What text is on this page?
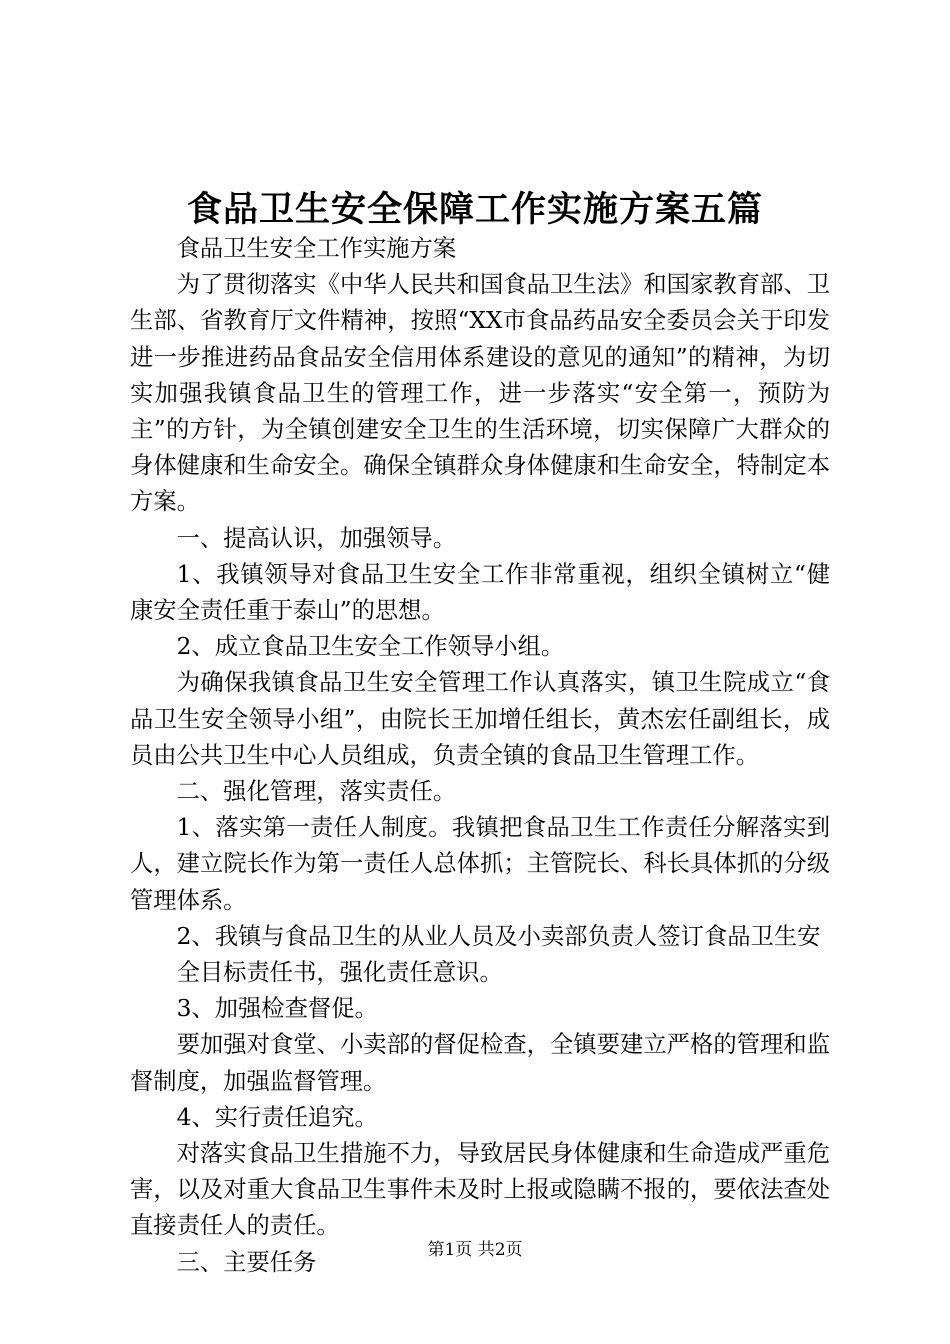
食品卫生安全保障工作实施方案五篇

食品卫生安全工作实施方案

为了贯彻落实《中华人民共和国食品卫生法》和国家教育部、卫生部、省教育厅文件精神，按照“XX市食品药品安全委员会关于印发进一步推进药品食品安全信用体系建设的意见的通知”的精神，为切实加强我镇食品卫生的管理工作，进一步落实“安全第一，预防为主”的方针，为全镇创建安全卫生的生活环境，切实保障广大群众的身体健康和生命安全。确保全镇群众身体健康和生命安全，特制定本方案。

一、提高认识，加强领导。

1、我镇领导对食品卫生安全工作非常重视，组织全镇树立“健康安全责任重于泰山”的思想。

2、成立食品卫生安全工作领导小组。

为确保我镇食品卫生安全管理工作认真落实，镇卫生院成立“食品卫生安全领导小组”，由院长王加增任组长，黄杰宏任副组长，成员由公共卫生中心人员组成，负责全镇的食品卫生管理工作。

二、强化管理，落实责任。

1、落实第一责任人制度。我镇把食品卫生工作责任分解落实到人，建立院长作为第一责任人总体抓；主管院长、科长具体抓的分级管理体系。

2、我镇与食品卫生的从业人员及小卖部负责人签订食品卫生安

全目标责任书，强化责任意识。

3、加强检查督促。

要加强对食堂、小卖部的督促检查，全镇要建立严格的管理和监督制度，加强监督管理。

4、实行责任追究。

对落实食品卫生措施不力，导致居民身体健康和生命造成严重危害，以及对重大食品卫生事件未及时上报或隐瞒不报的，要依法查处直接责任人的责任。

三、主要任务	第1页 共2页
